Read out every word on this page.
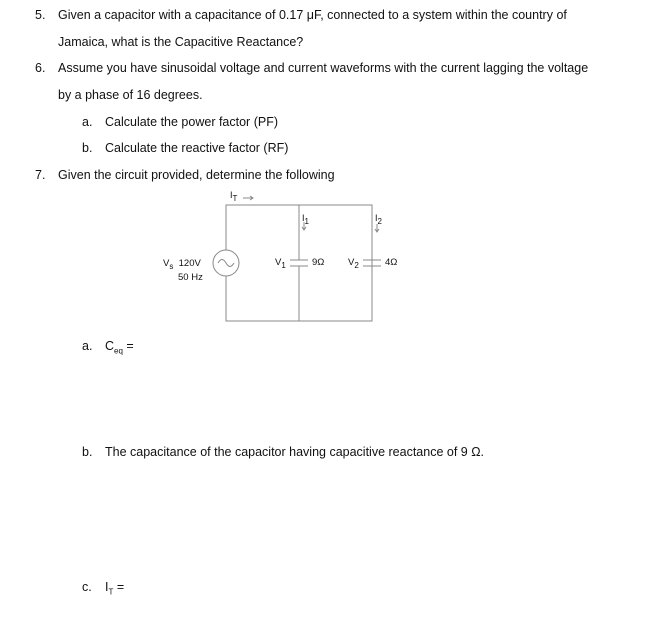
5. Given a capacitor with a capacitance of 0.17 μF, connected to a system within the country of
Jamaica, what is the Capacitive Reactance?
6. Assume you have sinusoidal voltage and current waveforms with the current lagging the voltage
by a phase of 16 degrees.
a. Calculate the power factor (PF)
b. Calculate the reactive factor (RF)
7. Given the circuit provided, determine the following
$I_T$
$I_1$	$I_2$
$V_s$ 120V
50 Hz
$V_1$	9Ω $V_2$	4Ω
a. $C_{eq}$ =
b. The capacitance of the capacitor having capacitive reactance of 9 Ω.
c. $I_T$ =
